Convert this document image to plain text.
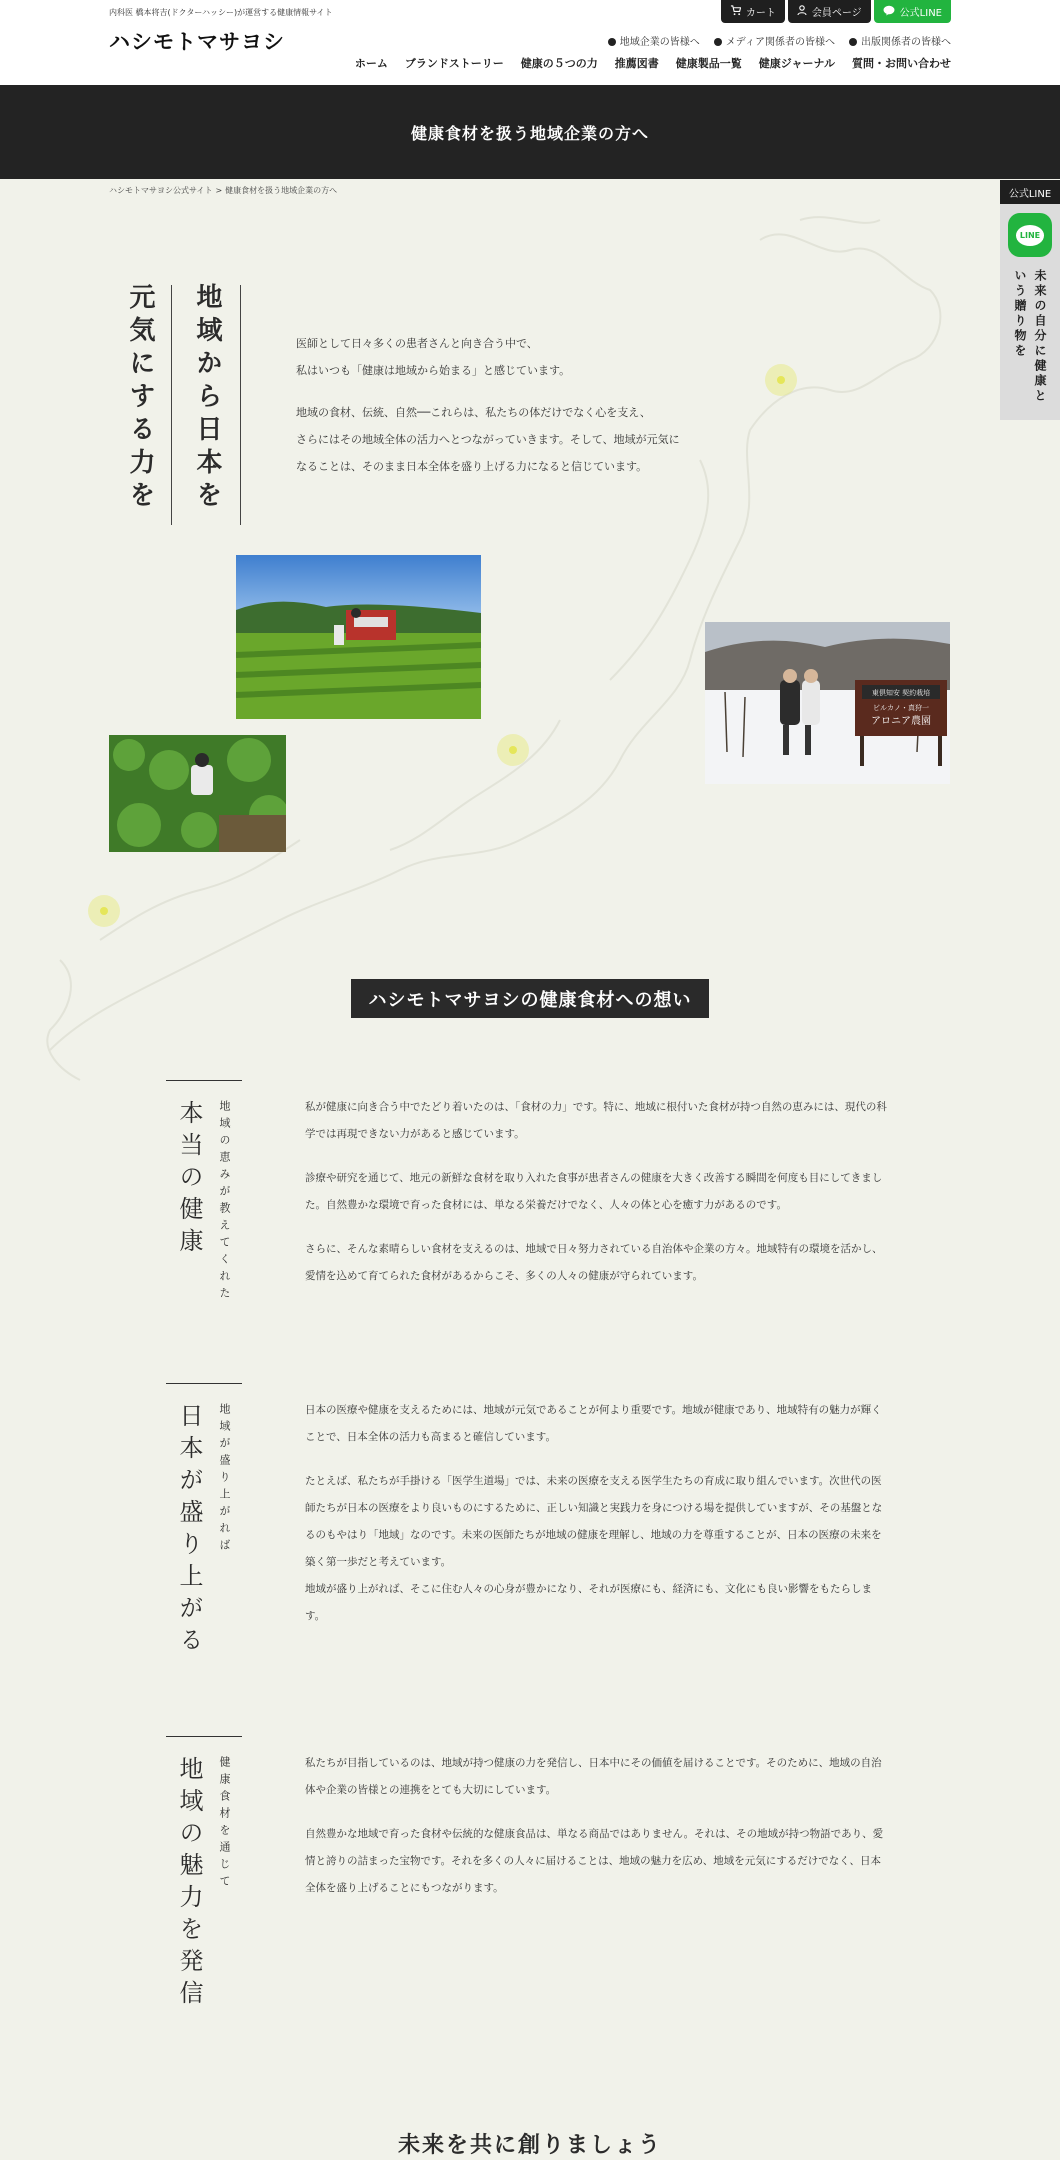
内科医 橋本将吉(ドクターハッシー)が運営する健康情報サイト
ハシモトマサヨシ
カート	会員ページ	公式LINE
地域企業の皆様へ	メディア関係者の皆様へ	出版関係者の皆様へ
ホーム ブランドストーリー 健康の５つの力 推薦図書 健康製品一覧 健康ジャーナル 質問・お問い合わせ
健康食材を扱う地域企業の方へ
ハシモトマサヨシ公式サイト > 健康食材を扱う地域企業の方へ	公式LINE
LINE
未来の自分に健康という贈り物を
地域から日本を
元気にする力を	医師として日々多くの患者さんと向き合う中で、

私はいつも「健康は地域から始まる」と感じています。

地域の食材、伝統、自然──これらは、私たちの体だけでなく心を支え、

さらにはその地域全体の活力へとつながっていきます。そして、地域が元気に

なることは、そのまま日本全体を盛り上げる力になると信じています。

東倶知安 契約栽培
ビルカノ・真狩一
アロニア農園
ハシモトマサヨシの健康食材への想い
本当の健康 地域の恵みが教えてくれた	私が健康に向き合う中でたどり着いたのは、「食材の力」です。特に、地域に根付いた食材が持つ自然の恵みには、現代の科学では再現できない力があると感じています。

診療や研究を通じて、地元の新鮮な食材を取り入れた食事が患者さんの健康を大きく改善する瞬間を何度も目にしてきました。自然豊かな環境で育った食材には、単なる栄養だけでなく、人々の体と心を癒す力があるのです。

さらに、そんな素晴らしい食材を支えるのは、地域で日々努力されている自治体や企業の方々。地域特有の環境を活かし、愛情を込めて育てられた食材があるからこそ、多くの人々の健康が守られています。

日本が盛り上がる 地域が盛り上がれば	日本の医療や健康を支えるためには、地域が元気であることが何より重要です。地域が健康であり、地域特有の魅力が輝くことで、日本全体の活力も高まると確信しています。

たとえば、私たちが手掛ける「医学生道場」では、未来の医療を支える医学生たちの育成に取り組んでいます。次世代の医師たちが日本の医療をより良いものにするために、正しい知識と実践力を身につける場を提供していますが、その基盤となるのもやはり「地域」なのです。未来の医師たちが地域の健康を理解し、地域の力を尊重することが、日本の医療の未来を築く第一歩だと考えています。

地域が盛り上がれば、そこに住む人々の心身が豊かになり、それが医療にも、経済にも、文化にも良い影響をもたらします。

地域の魅力を発信 健康食材を通じて	私たちが目指しているのは、地域が持つ健康の力を発信し、日本中にその価値を届けることです。そのために、地域の自治体や企業の皆様との連携をとても大切にしています。

自然豊かな地域で育った食材や伝統的な健康食品は、単なる商品ではありません。それは、その地域が持つ物語であり、愛情と誇りの詰まった宝物です。それを多くの人々に届けることは、地域の魅力を広め、地域を元気にするだけでなく、日本全体を盛り上げることにもつながります。

未来を共に創りましょう
